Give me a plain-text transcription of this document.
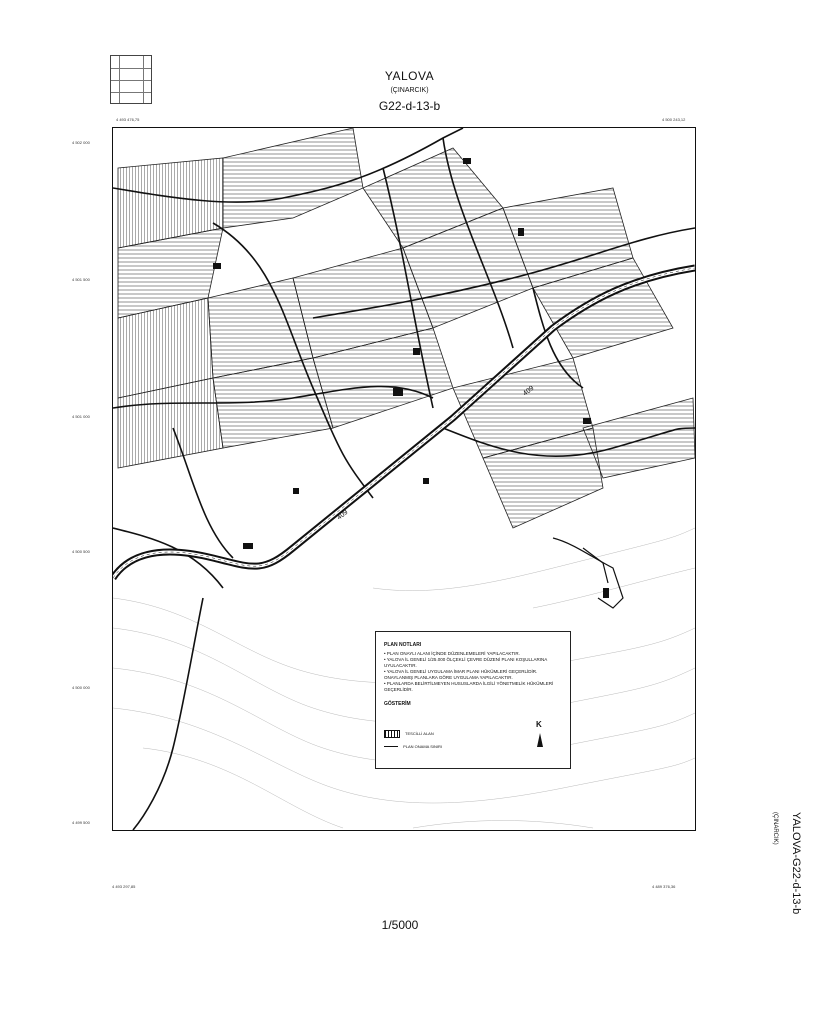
YALOVA
(ÇINARCIK)
G22-d-13-b
409
409
PLAN NOTLARI
• PLAN ONAYLI ALANI İÇİNDE DÜZENLEMELERİ YAPILACAKTIR.
• YALOVA İL GENELİ 1/25.000 ÖLÇEKLİ ÇEVRE DÜZENİ PLANI KOŞULLARINA UYULACAKTIR.
• YALOVA İL GENELİ UYGULAMA İMAR PLANI HÜKÜMLERİ GEÇERLİDİR. ONAYLANMIŞ PLANLARA GÖRE UYGULAMA YAPILACAKTIR.
• PLANLARDA BELİRTİLMEYEN HUSUSLARDA İLGİLİ YÖNETMELİK HÜKÜMLERİ GEÇERLİDİR.
GÖSTERİM
TESCİLLİ ALAN
PLAN ONAMA SINIRI
K
4 493 476,75	4 500 243,12
4 493 297,85	4 489 376,36
4 502 000
4 501 500
4 501 000
4 500 500
4 500 000
4 499 500
1/5000
YALOVA-G22-d-13-b
(ÇINARCIK)
